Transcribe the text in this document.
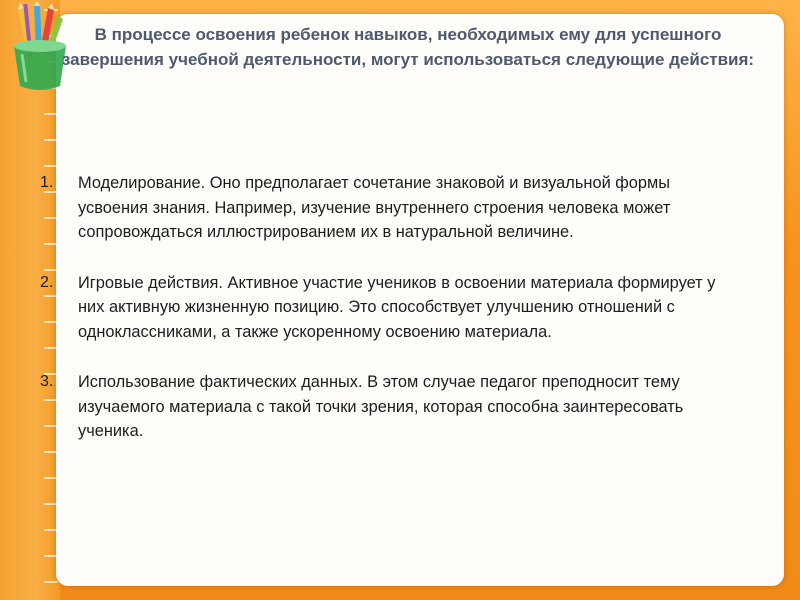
В процессе освоения ребенок навыков, необходимых ему для успешного завершения учебной деятельности, могут использоваться следующие действия:
1.	Моделирование. Оно предполагает сочетание знаковой и визуальной формы усвоения знания. Например, изучение внутреннего строения человека может сопровождаться иллюстрированием их в натуральной величине.
2.	Игровые действия. Активное участие учеников в освоении материала формирует у них активную жизненную позицию. Это способствует улучшению отношений с одноклассниками, а также ускоренному освоению материала.
3.	Использование фактических данных. В этом случае педагог преподносит тему изучаемого материала с такой точки зрения, которая способна заинтересовать ученика.
